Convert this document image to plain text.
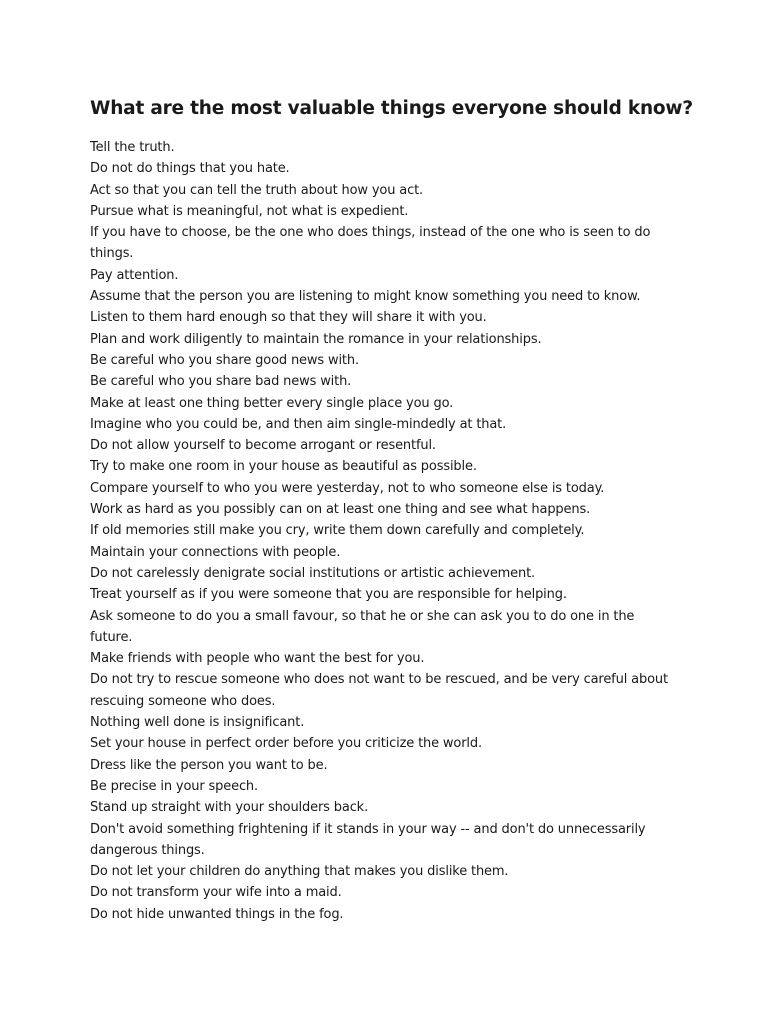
What are the most valuable things everyone should know?
Tell the truth.
Do not do things that you hate.
Act so that you can tell the truth about how you act.
Pursue what is meaningful, not what is expedient.
If you have to choose, be the one who does things, instead of the one who is seen to do
things.
Pay attention.
Assume that the person you are listening to might know something you need to know.
Listen to them hard enough so that they will share it with you.
Plan and work diligently to maintain the romance in your relationships.
Be careful who you share good news with.
Be careful who you share bad news with.
Make at least one thing better every single place you go.
Imagine who you could be, and then aim single-mindedly at that.
Do not allow yourself to become arrogant or resentful.
Try to make one room in your house as beautiful as possible.
Compare yourself to who you were yesterday, not to who someone else is today.
Work as hard as you possibly can on at least one thing and see what happens.
If old memories still make you cry, write them down carefully and completely.
Maintain your connections with people.
Do not carelessly denigrate social institutions or artistic achievement.
Treat yourself as if you were someone that you are responsible for helping.
Ask someone to do you a small favour, so that he or she can ask you to do one in the
future.
Make friends with people who want the best for you.
Do not try to rescue someone who does not want to be rescued, and be very careful about
rescuing someone who does.
Nothing well done is insignificant.
Set your house in perfect order before you criticize the world.
Dress like the person you want to be.
Be precise in your speech.
Stand up straight with your shoulders back.
Don't avoid something frightening if it stands in your way -- and don't do unnecessarily
dangerous things.
Do not let your children do anything that makes you dislike them.
Do not transform your wife into a maid.
Do not hide unwanted things in the fog.
